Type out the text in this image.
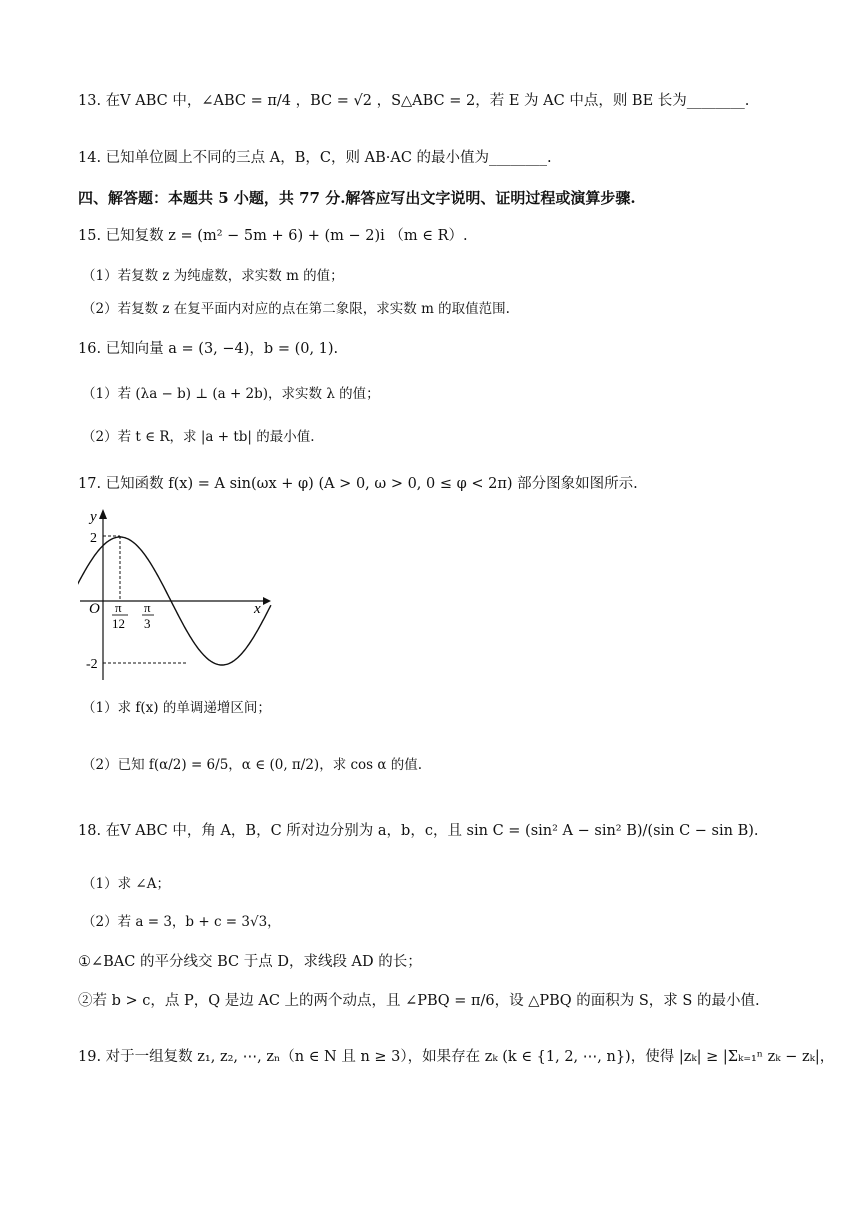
13. 在V ABC 中，∠ABC = π/4 ，BC = √2 ，S△ABC = 2，若 E 为 AC 中点，则 BE 长为________.
14. 已知单位圆上不同的三点 A，B，C，则 AB·AC 的最小值为________.
四、解答题：本题共 5 小题，共 77 分.解答应写出文字说明、证明过程或演算步骤.
15. 已知复数 z = (m² − 5m + 6) + (m − 2)i （m ∈ R）.
（1）若复数 z 为纯虚数，求实数 m 的值；
（2）若复数 z 在复平面内对应的点在第二象限，求实数 m 的取值范围.
16. 已知向量 a = (3, −4)，b = (0, 1).
（1）若 (λa − b) ⊥ (a + 2b)，求实数 λ 的值；
（2）若 t ∈ R，求 |a + tb| 的最小值.
17. 已知函数 f(x) = A sin(ωx + φ) (A > 0, ω > 0, 0 ≤ φ < 2π) 部分图象如图所示.
y
x
O
2
-2
π
12
π
3
（1）求 f(x) 的单调递增区间；
（2）已知 f(α/2) = 6/5，α ∈ (0, π/2)，求 cos α 的值.
18. 在V ABC 中，角 A，B，C 所对边分别为 a，b，c，且 sin C = (sin² A − sin² B)/(sin C − sin B).
（1）求 ∠A；
（2）若 a = 3，b + c = 3√3，
①∠BAC 的平分线交 BC 于点 D，求线段 AD 的长；
②若 b > c，点 P，Q 是边 AC 上的两个动点，且 ∠PBQ = π/6，设 △PBQ 的面积为 S，求 S 的最小值.
19. 对于一组复数 z₁, z₂, ⋯, zₙ（n ∈ N 且 n ≥ 3），如果存在 zₖ (k ∈ {1, 2, ⋯, n})，使得 |zₖ| ≥ |Σₖ₌₁ⁿ zₖ − zₖ|，
